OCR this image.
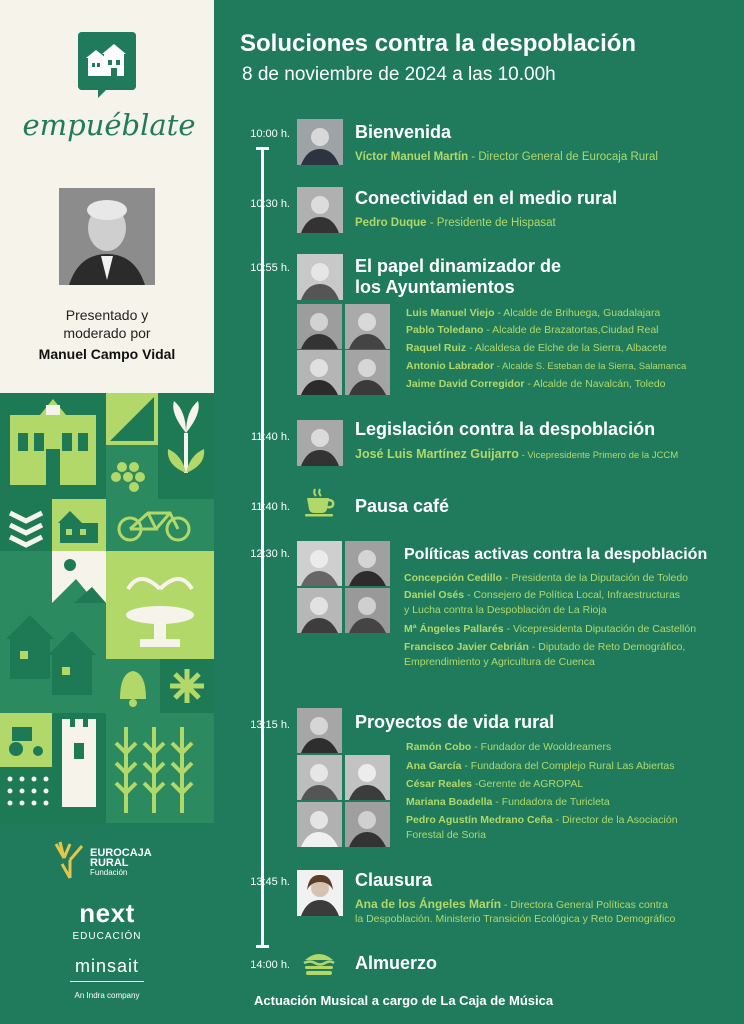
empuéblate
Presentado y moderado por
Manuel Campo Vidal
EUROCAJA
RURAL
Fundación
next
EDUCACIÓN
minsait
An Indra company
Soluciones contra la despoblación
8 de noviembre de 2024 a las 10.00h
10:00 h.	Bienvenida
Víctor Manuel Martín - Director General de Eurocaja Rural
10:30 h.	Conectividad en el medio rural
Pedro Duque - Presidente de Hispasat
10:55 h.	El papel dinamizador de
los Ayuntamientos
Luis Manuel Viejo - Alcalde de Brihuega, Guadalajara
Pablo Toledano - Alcalde de Brazatortas,Ciudad Real
Raquel Ruiz - Alcaldesa de Elche de la Sierra, Albacete
Antonio Labrador - Alcalde S. Esteban de la Sierra, Salamanca
Jaime David Corregidor - Alcalde de Navalcán, Toledo
11:40 h.	Legislación contra la despoblación
José Luis Martínez Guijarro - Vicepresidente Primero de la JCCM
11:40 h.	Pausa café
12:30 h.	Políticas activas contra la despoblación
Concepción Cedillo - Presidenta de la Diputación de Toledo
Daniel Osés - Consejero de Política Local, Infraestructuras
y Lucha contra la Despoblación de La Rioja
Mª Ángeles Pallarés - Vicepresidenta Diputación de Castellón
Francisco Javier Cebrián - Diputado de Reto Demográfico,
Emprendimiento y Agricultura de Cuenca
13:15 h.	Proyectos de vida rural
Ramón Cobo - Fundador de Wooldreamers
Ana García - Fundadora del Complejo Rural Las Abiertas
César Reales -Gerente de AGROPAL
Mariana Boadella - Fundadora de Turicleta
Pedro Agustín Medrano Ceña - Director de la Asociación
Forestal de Soria
13:45 h.	Clausura
Ana de los Ángeles Marín - Directora General Políticas contra
la Despoblación. Ministerio Transición Ecológica y Reto Demográfico
14:00 h.	Almuerzo
Actuación Musical a cargo de La Caja de Música
